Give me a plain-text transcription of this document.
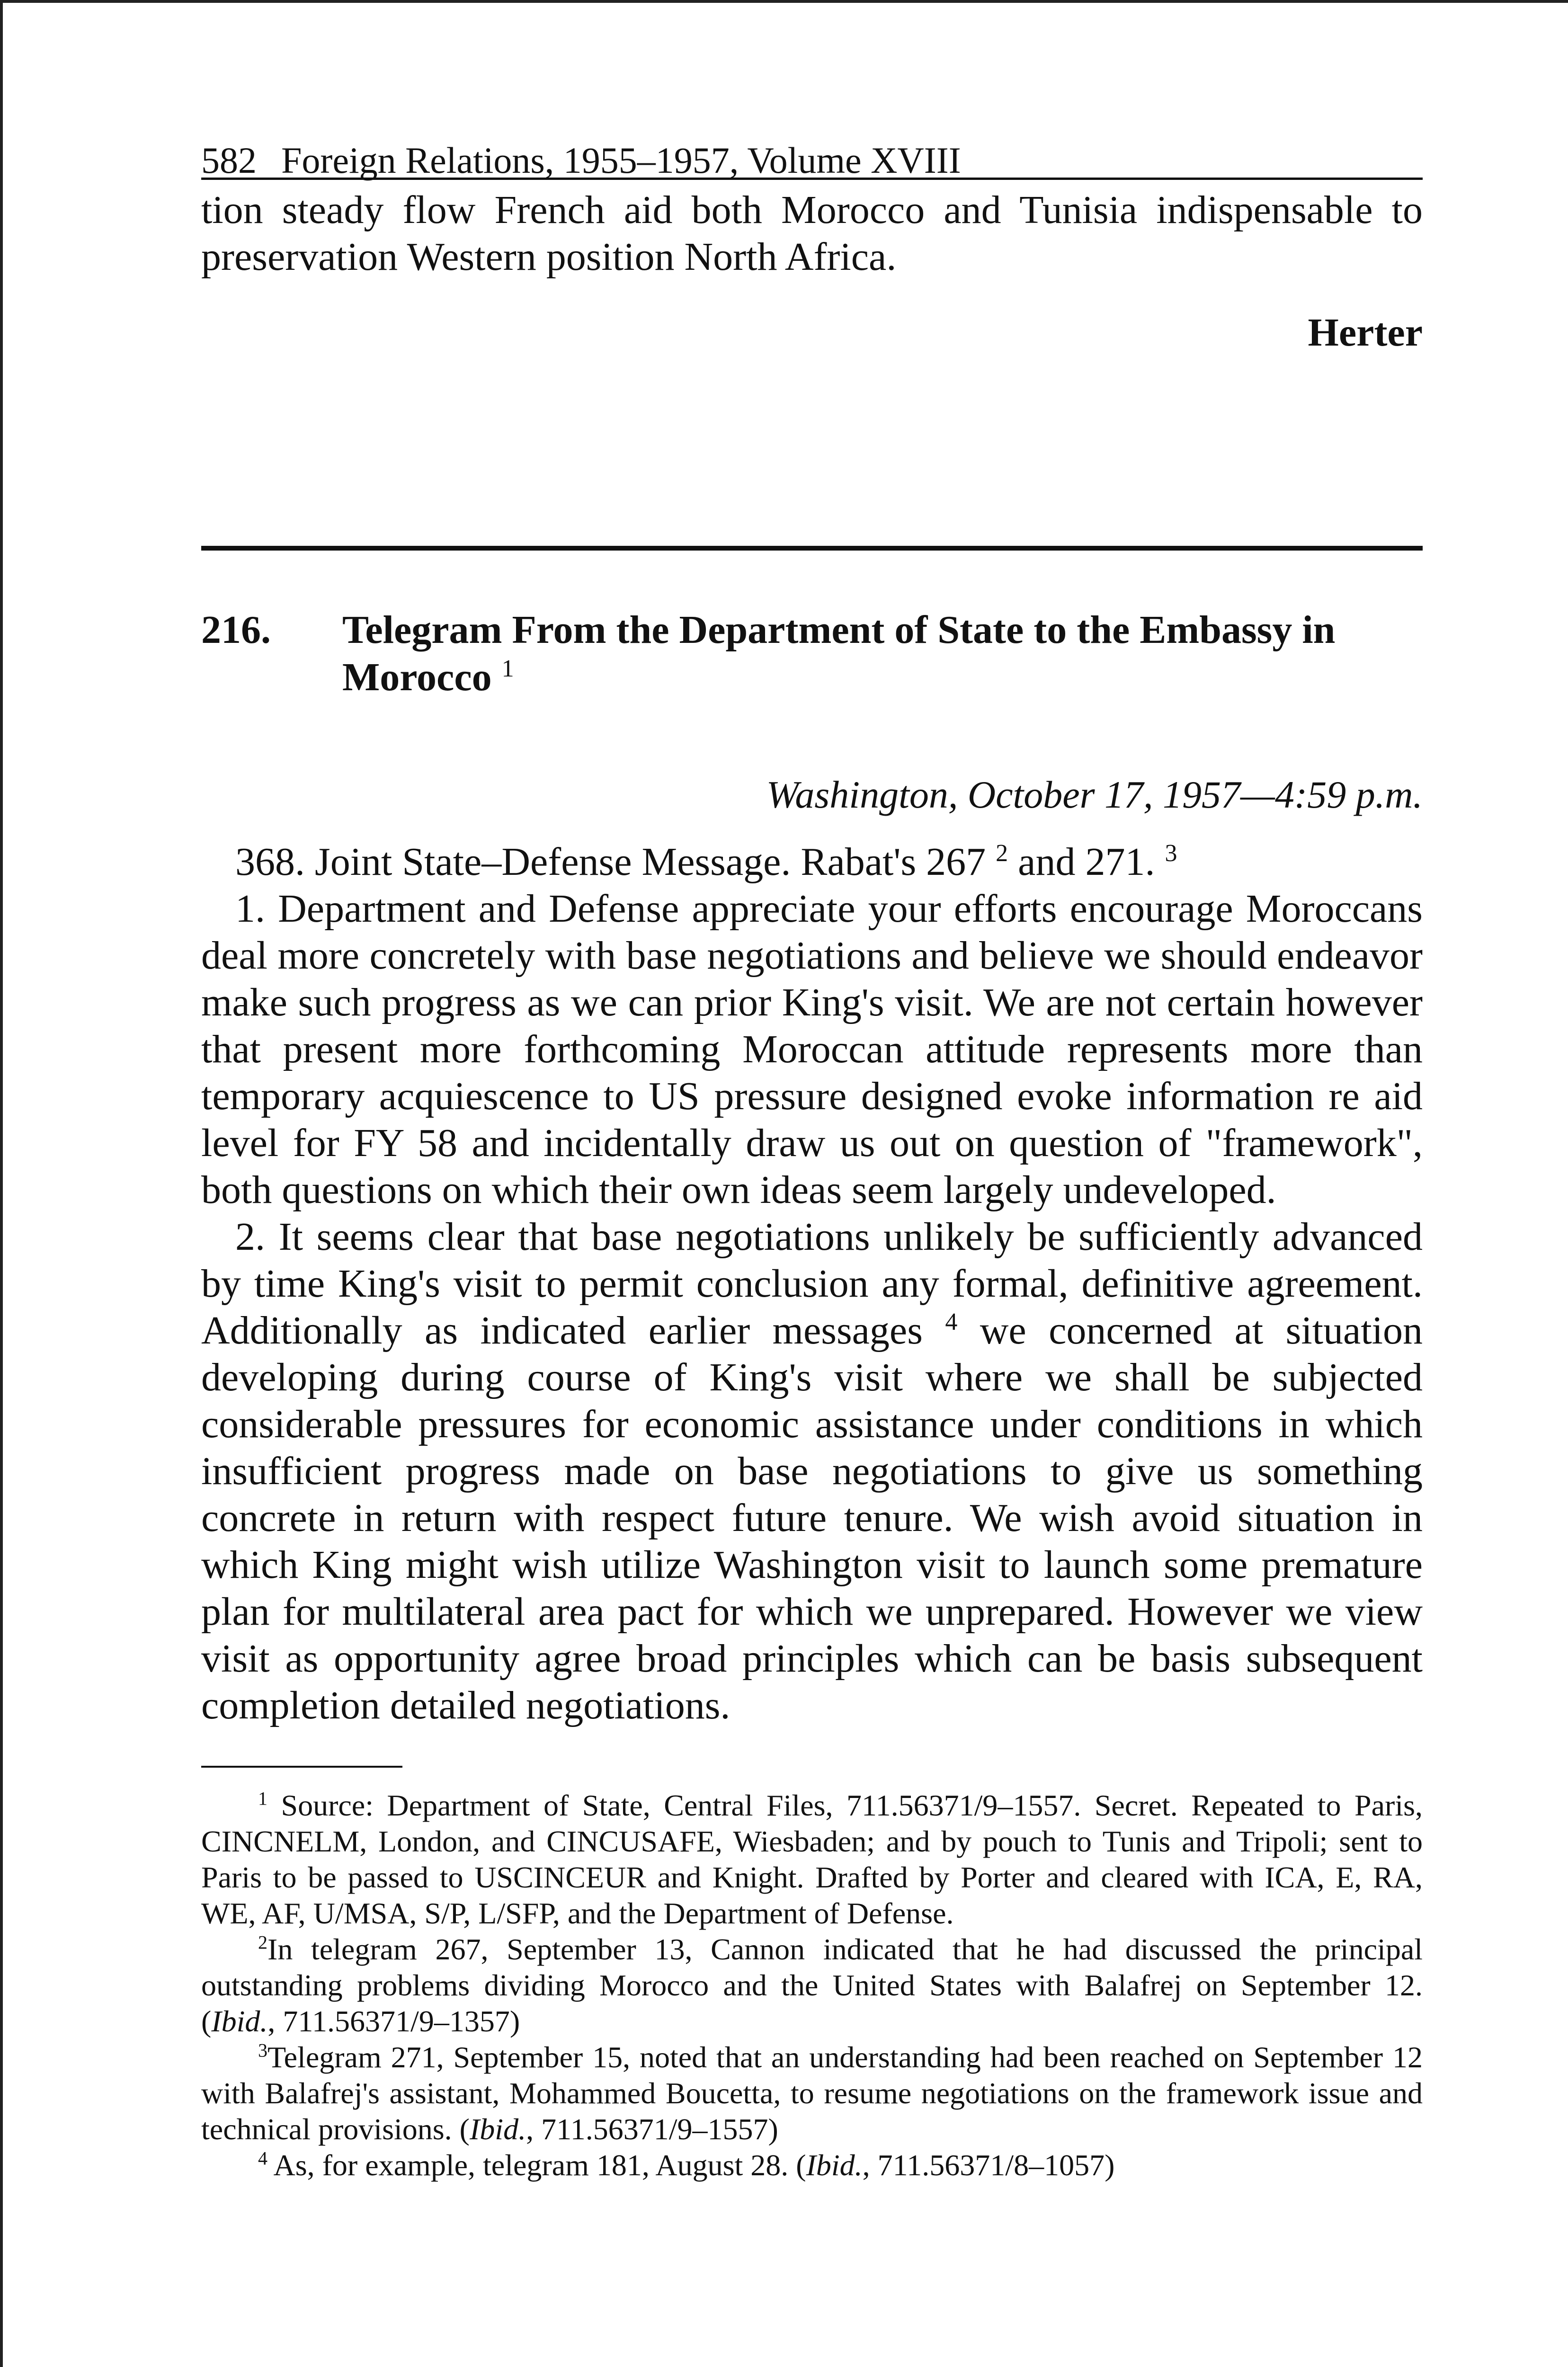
582 Foreign Relations, 1955–1957, Volume XVIII

tion steady flow French aid both Morocco and Tunisia indispensable to preservation Western position North Africa.

Herter

216.	Telegram From the Department of State to the Embassy in Morocco $^1$

Washington, October 17, 1957—4:59 p.m.

368. Joint State–Defense Message. Rabat's 267 $^2$ and 271. $^3$

1. Department and Defense appreciate your efforts encourage Moroccans deal more concretely with base negotiations and believe we should endeavor make such progress as we can prior King's visit. We are not certain however that present more forthcoming Moroccan attitude represents more than temporary acquiescence to US pressure designed evoke information re aid level for FY 58 and incidentally draw us out on question of "framework", both questions on which their own ideas seem largely undeveloped.

2. It seems clear that base negotiations unlikely be sufficiently advanced by time King's visit to permit conclusion any formal, definitive agreement. Additionally as indicated earlier messages $^4$ we concerned at situation developing during course of King's visit where we shall be subjected considerable pressures for economic assistance under conditions in which insufficient progress made on base negotiations to give us something concrete in return with respect future tenure. We wish avoid situation in which King might wish utilize Washington visit to launch some premature plan for multilateral area pact for which we unprepared. However we view visit as opportunity agree broad principles which can be basis subsequent completion detailed negotiations.

$^1$ Source: Department of State, Central Files, 711.56371/9–1557. Secret. Repeated to Paris, CINCNELM, London, and CINCUSAFE, Wiesbaden; and by pouch to Tunis and Tripoli; sent to Paris to be passed to USCINCEUR and Knight. Drafted by Porter and cleared with ICA, E, RA, WE, AF, U/MSA, S/P, L/SFP, and the Department of Defense.

$^2$In telegram 267, September 13, Cannon indicated that he had discussed the principal outstanding problems dividing Morocco and the United States with Balafrej on September 12. (Ibid., 711.56371/9–1357)

$^3$Telegram 271, September 15, noted that an understanding had been reached on September 12 with Balafrej's assistant, Mohammed Boucetta, to resume negotiations on the framework issue and technical provisions. (Ibid., 711.56371/9–1557)

$^4$ As, for example, telegram 181, August 28. (Ibid., 711.56371/8–1057)
